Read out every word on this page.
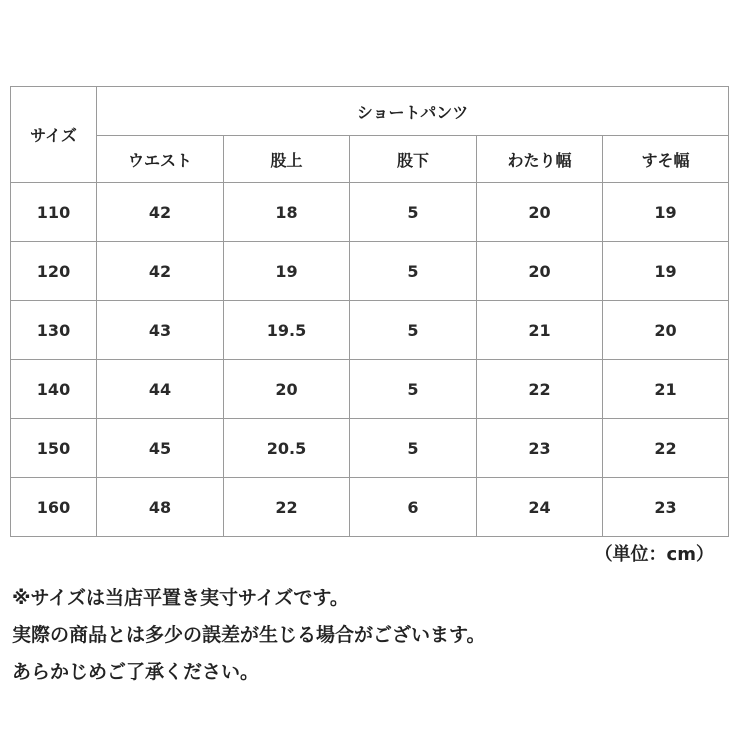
サイズ	ショートパンツ				
	ウエスト	股上	股下	わたり幅	すそ幅
110	42	18	5	20	19
120	42	19	5	20	19
130	43	19.5	5	21	20
140	44	20	5	22	21
150	45	20.5	5	23	22
160	48	22	6	24	23
（単位：cm）
※サイズは当店平置き実寸サイズです。
実際の商品とは多少の誤差が生じる場合がございます。
あらかじめご了承ください。
